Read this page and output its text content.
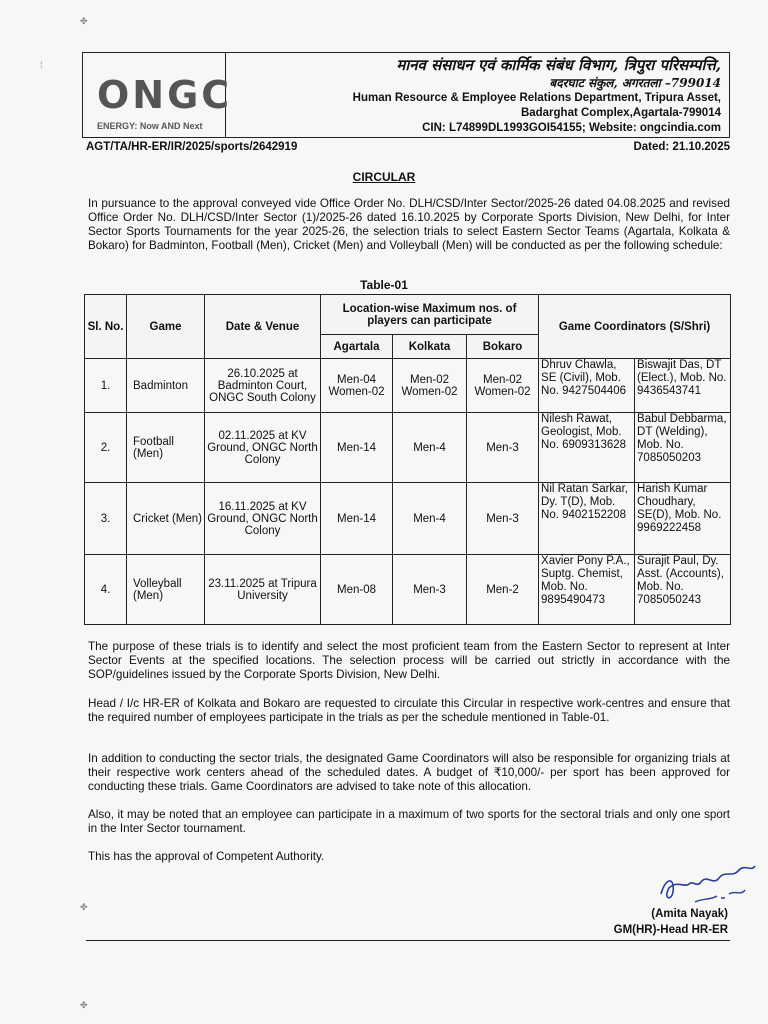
✤
⁞
ONGC
ENERGY: Now AND Next
मानव संसाधन एवं कार्मिक संबंध विभाग, त्रिपुरा परिसम्पत्ति,
बदरघाट संकुल, अगरतला –799014
Human Resource & Employee Relations Department, Tripura Asset,
Badarghat Complex,Agartala-799014
CIN: L74899DL1993GOI54155; Website: ongcindia.com
AGT/TA/HR-ER/IR/2025/sports/2642919	Dated: 21.10.2025
CIRCULAR
In pursuance to the approval conveyed vide Office Order No. DLH/CSD/Inter Sector/2025-26 dated 04.08.2025 and revised Office Order No. DLH/CSD/Inter Sector (1)/2025-26 dated 16.10.2025 by Corporate Sports Division, New Delhi, for Inter Sector Sports Tournaments for the year 2025-26, the selection trials to select Eastern Sector Teams (Agartala, Kolkata & Bokaro) for Badminton, Football (Men), Cricket (Men) and Volleyball (Men) will be conducted as per the following schedule:
Table-01
Sl. No.	Game	Date & Venue	Location-wise Maximum nos. of players can participate			Game Coordinators (S/Shri)	
			Agartala	Kolkata	Bokaro		
1.	Badminton	26.10.2025 at Badminton Court, ONGC South Colony	Men-04 Women-02	Men-02 Women-02	Men-02 Women-02	Dhruv Chawla, SE (Civil), Mob. No. 9427504406	Biswajit Das, DT (Elect.), Mob. No. 9436543741
2.	Football (Men)	02.11.2025 at KV Ground, ONGC North Colony	Men-14	Men-4	Men-3	Nilesh Rawat, Geologist, Mob. No. 6909313628	Babul Debbarma, DT (Welding), Mob. No. 7085050203
3.	Cricket (Men)	16.11.2025 at KV Ground, ONGC North Colony	Men-14	Men-4	Men-3	Nil Ratan Sarkar, Dy. T(D), Mob. No. 9402152208	Harish Kumar Choudhary, SE(D), Mob. No. 9969222458
4.	Volleyball (Men)	23.11.2025 at Tripura University	Men-08	Men-3	Men-2	Xavier Pony P.A., Suptg. Chemist, Mob. No. 9895490473	Surajit Paul, Dy. Asst. (Accounts), Mob. No. 7085050243
The purpose of these trials is to identify and select the most proficient team from the Eastern Sector to represent at Inter Sector Events at the specified locations. The selection process will be carried out strictly in accordance with the SOP/guidelines issued by the Corporate Sports Division, New Delhi.
Head / I/c HR-ER of Kolkata and Bokaro are requested to circulate this Circular in respective work-centres and ensure that the required number of employees participate in the trials as per the schedule mentioned in Table-01.
In addition to conducting the sector trials, the designated Game Coordinators will also be responsible for organizing trials at their respective work centers ahead of the scheduled dates. A budget of ₹10,000/- per sport has been approved for conducting these trials. Game Coordinators are advised to take note of this allocation.
Also, it may be noted that an employee can participate in a maximum of two sports for the sectoral trials and only one sport in the Inter Sector tournament.
This has the approval of Competent Authority.
(Amita Nayak)
GM(HR)-Head HR-ER
✤
✤
